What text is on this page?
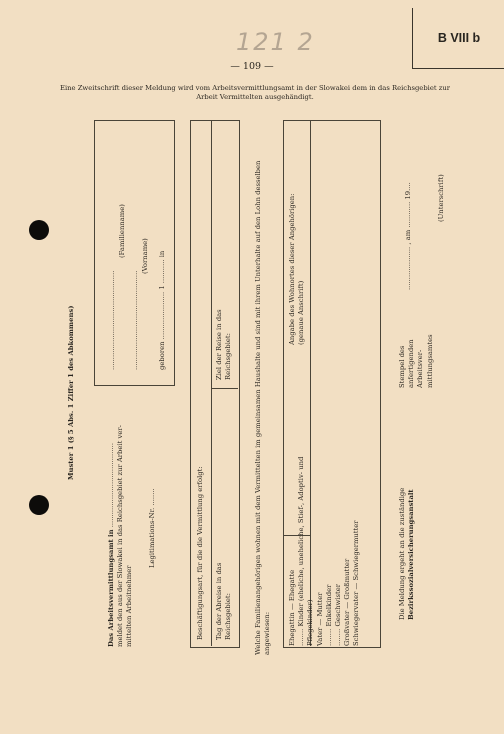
B VIII b
121 2
— 109 —
Eine Zweitschrift dieser Meldung wird vom Arbeitsvermittlungsamt in der Slowakei dem in das Reichsgebiet zur Arbeit Vermittelten ausgehändigt.
Muster 1 (§ 5 Abs. 1 Ziffer 1 des Abkommens)
Das Arbeitsvermittlungsamt in .......................................
meldet den aus der Slowakei in das Reichsgebiet zur Arbeit ver-
mittelten Arbeitnehmer
Legitimations-Nr. ........
..............................................
(Familienname)
..............................................
(Vorname) geboren ...................... 1 ........... in
Beschäftigungsart, für die die Vermittlung erfolgt: Tag der Abreise in das Reichsgebiet:
Ziel der Reise in das Reichsgebiet:	Welche Familienangehörigen wohnen mit dem Vermittelten im gemeinsamen Haushalte und sind mit ihrem Unterhalte auf den Lohn desselben
angewiesen: Ehegattin — Ehegatte
........ Kinder (eheliche, uneheliche, Stief-, Adoptiv- und
Pflegekinder)
Vater — Mutter
........ Enkelkinder
........ Geschwister
Großvater — Großmutter
Schwiegervater — Schwiegermutter
Angabe des Wohnortes dieser Angehörigen:
(genaue Anschrift)
Die Meldung ergeht an die zuständige
Bezirkssozialversicherungsanstalt
Stempel des
anfertigenden
Arbeitsver-
mittlungsamtes
.................... , am ............ 19....	(Unterschrift)
